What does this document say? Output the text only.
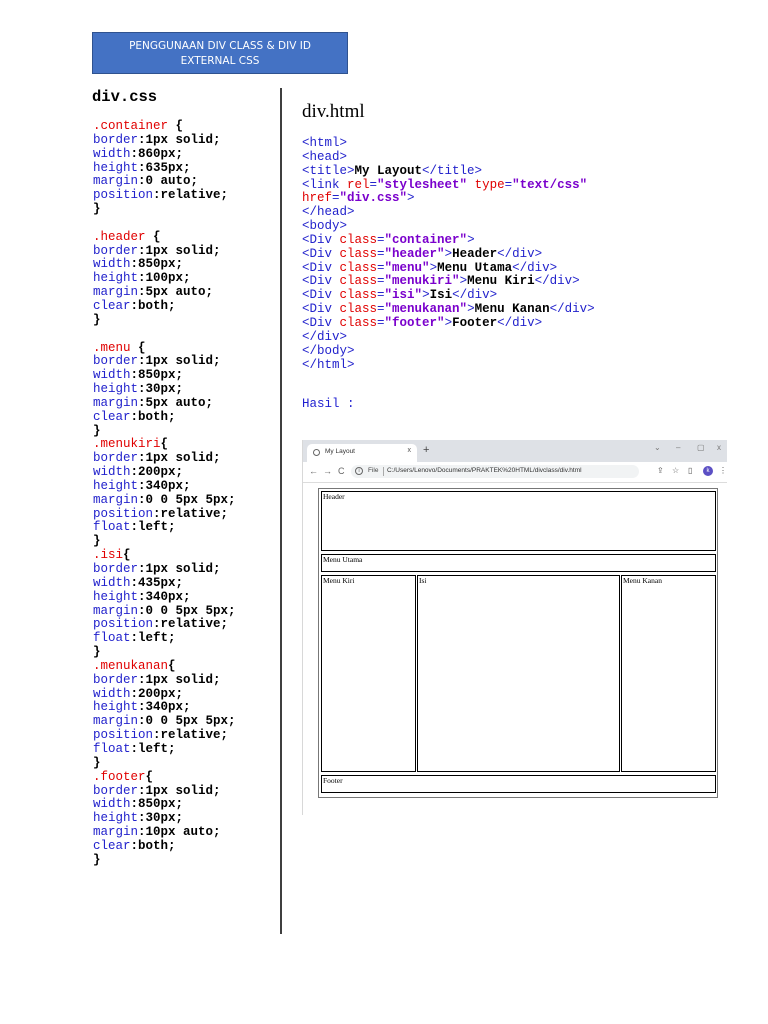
PENGGUNAAN DIV CLASS & DIV ID
EXTERNAL CSS
div.css
.container {
border:1px solid;
width:860px;
height:635px;
margin:0 auto;
position:relative;
}

.header {
border:1px solid;
width:850px;
height:100px;
margin:5px auto;
clear:both;
}

.menu {
border:1px solid;
width:850px;
height:30px;
margin:5px auto;
clear:both;
}
.menukiri{
border:1px solid;
width:200px;
height:340px;
margin:0 0 5px 5px;
position:relative;
float:left;
}
.isi{
border:1px solid;
width:435px;
height:340px;
margin:0 0 5px 5px;
position:relative;
float:left;
}
.menukanan{
border:1px solid;
width:200px;
height:340px;
margin:0 0 5px 5px;
position:relative;
float:left;
}
.footer{
border:1px solid;
width:850px;
height:30px;
margin:10px auto;
clear:both;
}
div.html
<html>
<head>
<title>My Layout</title>
<link rel="stylesheet" type="text/css"
href="div.css">
</head>
<body>
<Div class="container">
<Div class="header">Header</div>
<Div class="menu">Menu Utama</div>
<Div class="menukiri">Menu Kiri</div>
<Div class="isi">Isi</div>
<Div class="menukanan">Menu Kanan</div>
<Div class="footer">Footer</div>
</div>
</body>
</html>
Hasil :
My Layout	x +	⌄ – ▢ x
← → C	i	File C:/Users/Lenovo/Documents/PRAKTEK%20HTML/divclass/div.html	⇪ ☆ ▯	k	⋮
Header
Menu Utama
Menu Kiri	Isi	Menu Kanan
Footer
